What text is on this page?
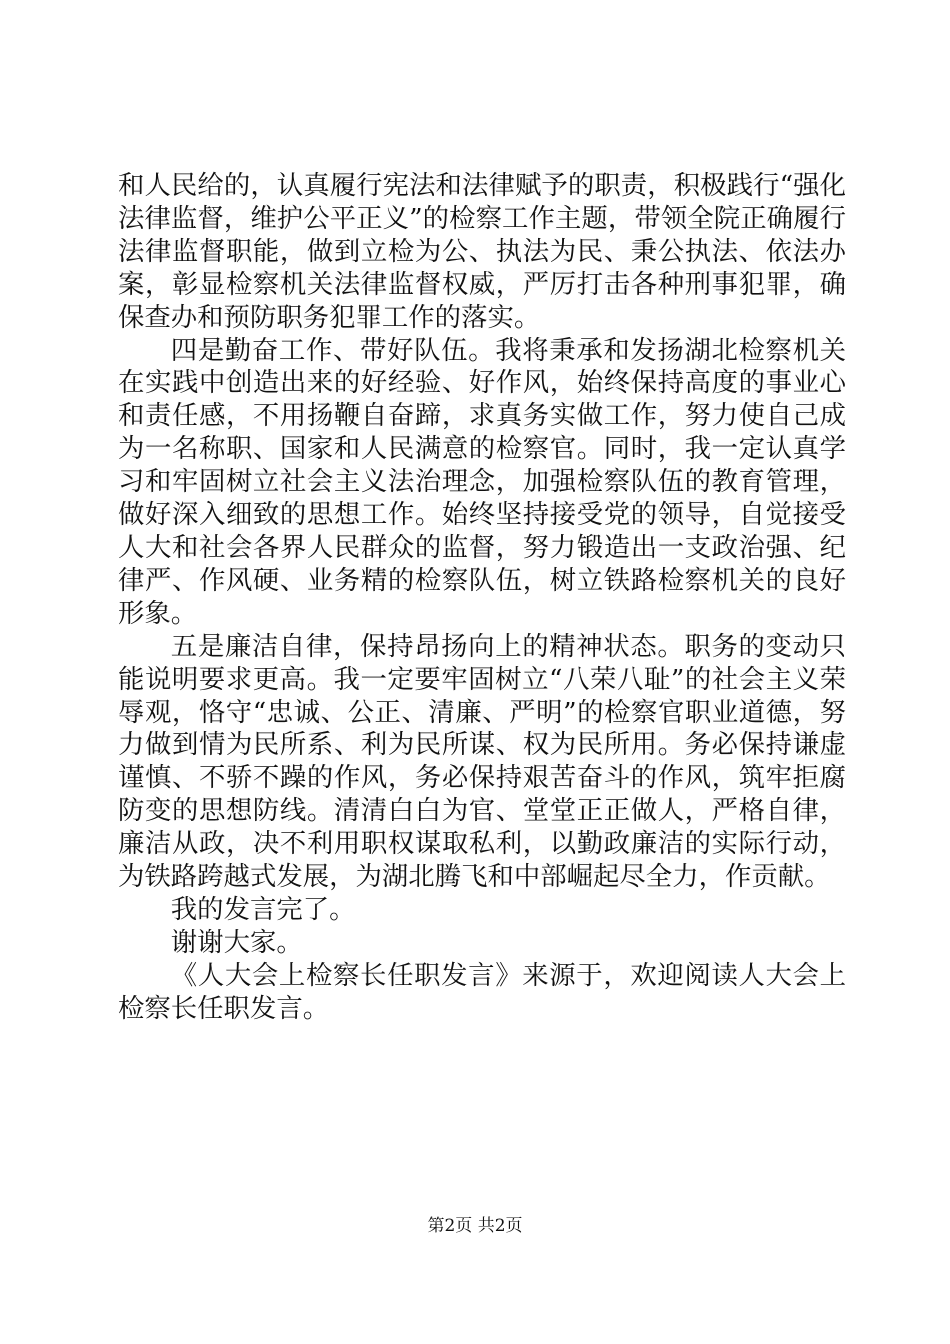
和人民给的，认真履行宪法和法律赋予的职责，积极践行“强化法律监督，维护公平正义”的检察工作主题，带领全院正确履行法律监督职能，做到立检为公、执法为民、秉公执法、依法办案，彰显检察机关法律监督权威，严厉打击各种刑事犯罪，确保查办和预防职务犯罪工作的落实。

四是勤奋工作、带好队伍。我将秉承和发扬湖北检察机关在实践中创造出来的好经验、好作风，始终保持高度的事业心和责任感，不用扬鞭自奋蹄，求真务实做工作，努力使自己成为一名称职、国家和人民满意的检察官。同时，我一定认真学习和牢固树立社会主义法治理念，加强检察队伍的教育管理，做好深入细致的思想工作。始终坚持接受党的领导，自觉接受人大和社会各界人民群众的监督，努力锻造出一支政治强、纪律严、作风硬、业务精的检察队伍，树立铁路检察机关的良好形象。

五是廉洁自律，保持昂扬向上的精神状态。职务的变动只能说明要求更高。我一定要牢固树立“八荣八耻”的社会主义荣辱观，恪守“忠诚、公正、清廉、严明”的检察官职业道德，努力做到情为民所系、利为民所谋、权为民所用。务必保持谦虚谨慎、不骄不躁的作风，务必保持艰苦奋斗的作风，筑牢拒腐防变的思想防线。清清白白为官、堂堂正正做人，严格自律，廉洁从政，决不利用职权谋取私利，以勤政廉洁的实际行动，为铁路跨越式发展，为湖北腾飞和中部崛起尽全力，作贡献。

我的发言完了。

谢谢大家。

《人大会上检察长任职发言》来源于，欢迎阅读人大会上检察长任职发言。

第2页 共2页
